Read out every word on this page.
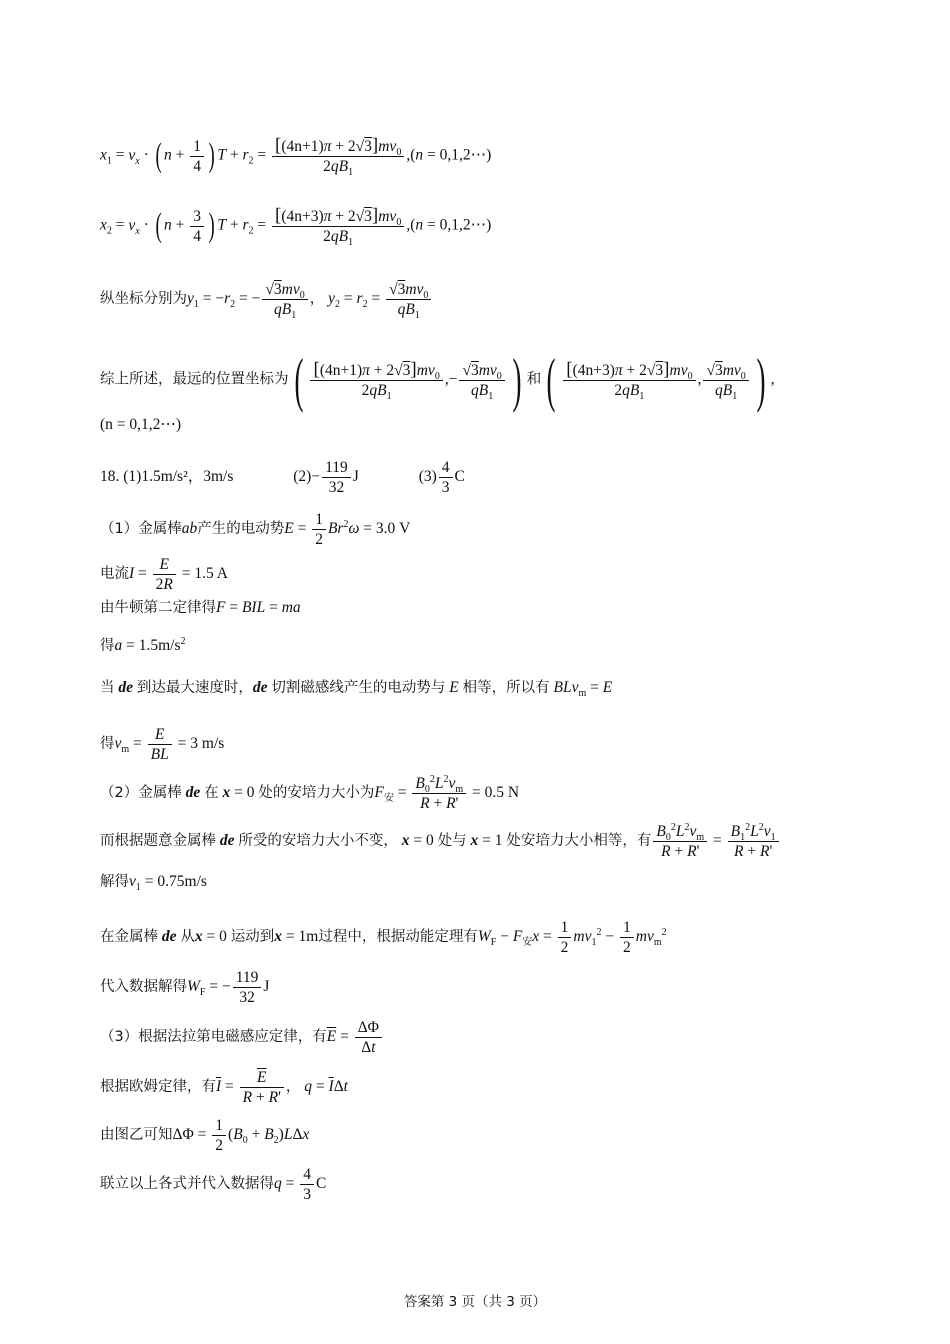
$x_1 = v_x$ · ( $n + \frac{1}{4}$ ) $T + r_2 = \frac{[(4n+1)\pi + 2√3]mv_0}{2qB_1} ,(n$ = 0,1,2⋯)
$x_2 = v_x$ · ( $n + \frac{3}{4}$ ) $T + r_2 = \frac{[(4n+3)\pi + 2√3]mv_0}{2qB_1} ,(n$ = 0,1,2⋯)
纵坐标分别为$y_1 = -r_2$ = − $\frac{√3mv_0}{qB_1}$ ， $y_2 = r_2 = \frac{√3mv_0}{qB_1}$
综上所述，最远的位置坐标为( $\frac{[(4n+1)\pi + 2√3]mv_0}{2qB_1}$ ,− $\frac{√3mv_0}{qB_1}$ ) 和( $\frac{[(4n+3)\pi + 2√3]mv_0}{2qB_1}$ , $\frac{√3mv_0}{qB_1}$ ) ,
(n = 0,1,2⋯)
18. (1)1.5m/s²，3m/s	$(2)- \frac{119}{32}$ J	$(3) \frac{4}{3}$ C
（1）金属棒ab产生的电动势$E = \frac{1}{2} Br^2\omega = 3.0$ V
电流$I = \frac{E}{2R} = 1.5$ A
由牛顿第二定律得F = BIL = ma
得$a = 1.5m/s^2$
当 de 到达最大速度时，de 切割磁感线产生的电动势与 E 相等，所以有 BLv$_m$ = E
得$v_m = \frac{E}{BL} = 3$ m/s
（2）金属棒 de 在 x = 0 处的安培力大小为$F_安 = \frac{B_0^2L^2v_m}{R + R'} = 0.5$ N
而根据题意金属棒 de 所受的安培力大小不变， x = 0 处与 x = 1 处安培力大小相等，有 $\frac{B_0^2L^2v_m}{R + R'} = \frac{B_1^2L^2v_1}{R + R'}$
解得$v_1 = 0.75m/s$
在金属棒 de 从x = 0 运动到x = 1m过程中，根据动能定理有$W_F - F_安x = \frac{1}{2} mv_1^2 - \frac{1}{2} mv_m^2$
代入数据解得$W_F$ = − $\frac{119}{32}$ J
（3）根据法拉第电磁感应定律，有$\overline{E} = \frac{\Delta\Phi}{\Delta t}$
根据欧姆定律，有$\overline{I} = \frac{\overline{E}}{R + R'}$ ， $q = \overline{I}\Delta t$
由图乙可知$\Delta\Phi = \frac{1}{2} (B_0 + B_2)L\Delta x$
联立以上各式并代入数据得$q = \frac{4}{3}$ C
答案第 3 页（共 3 页）
